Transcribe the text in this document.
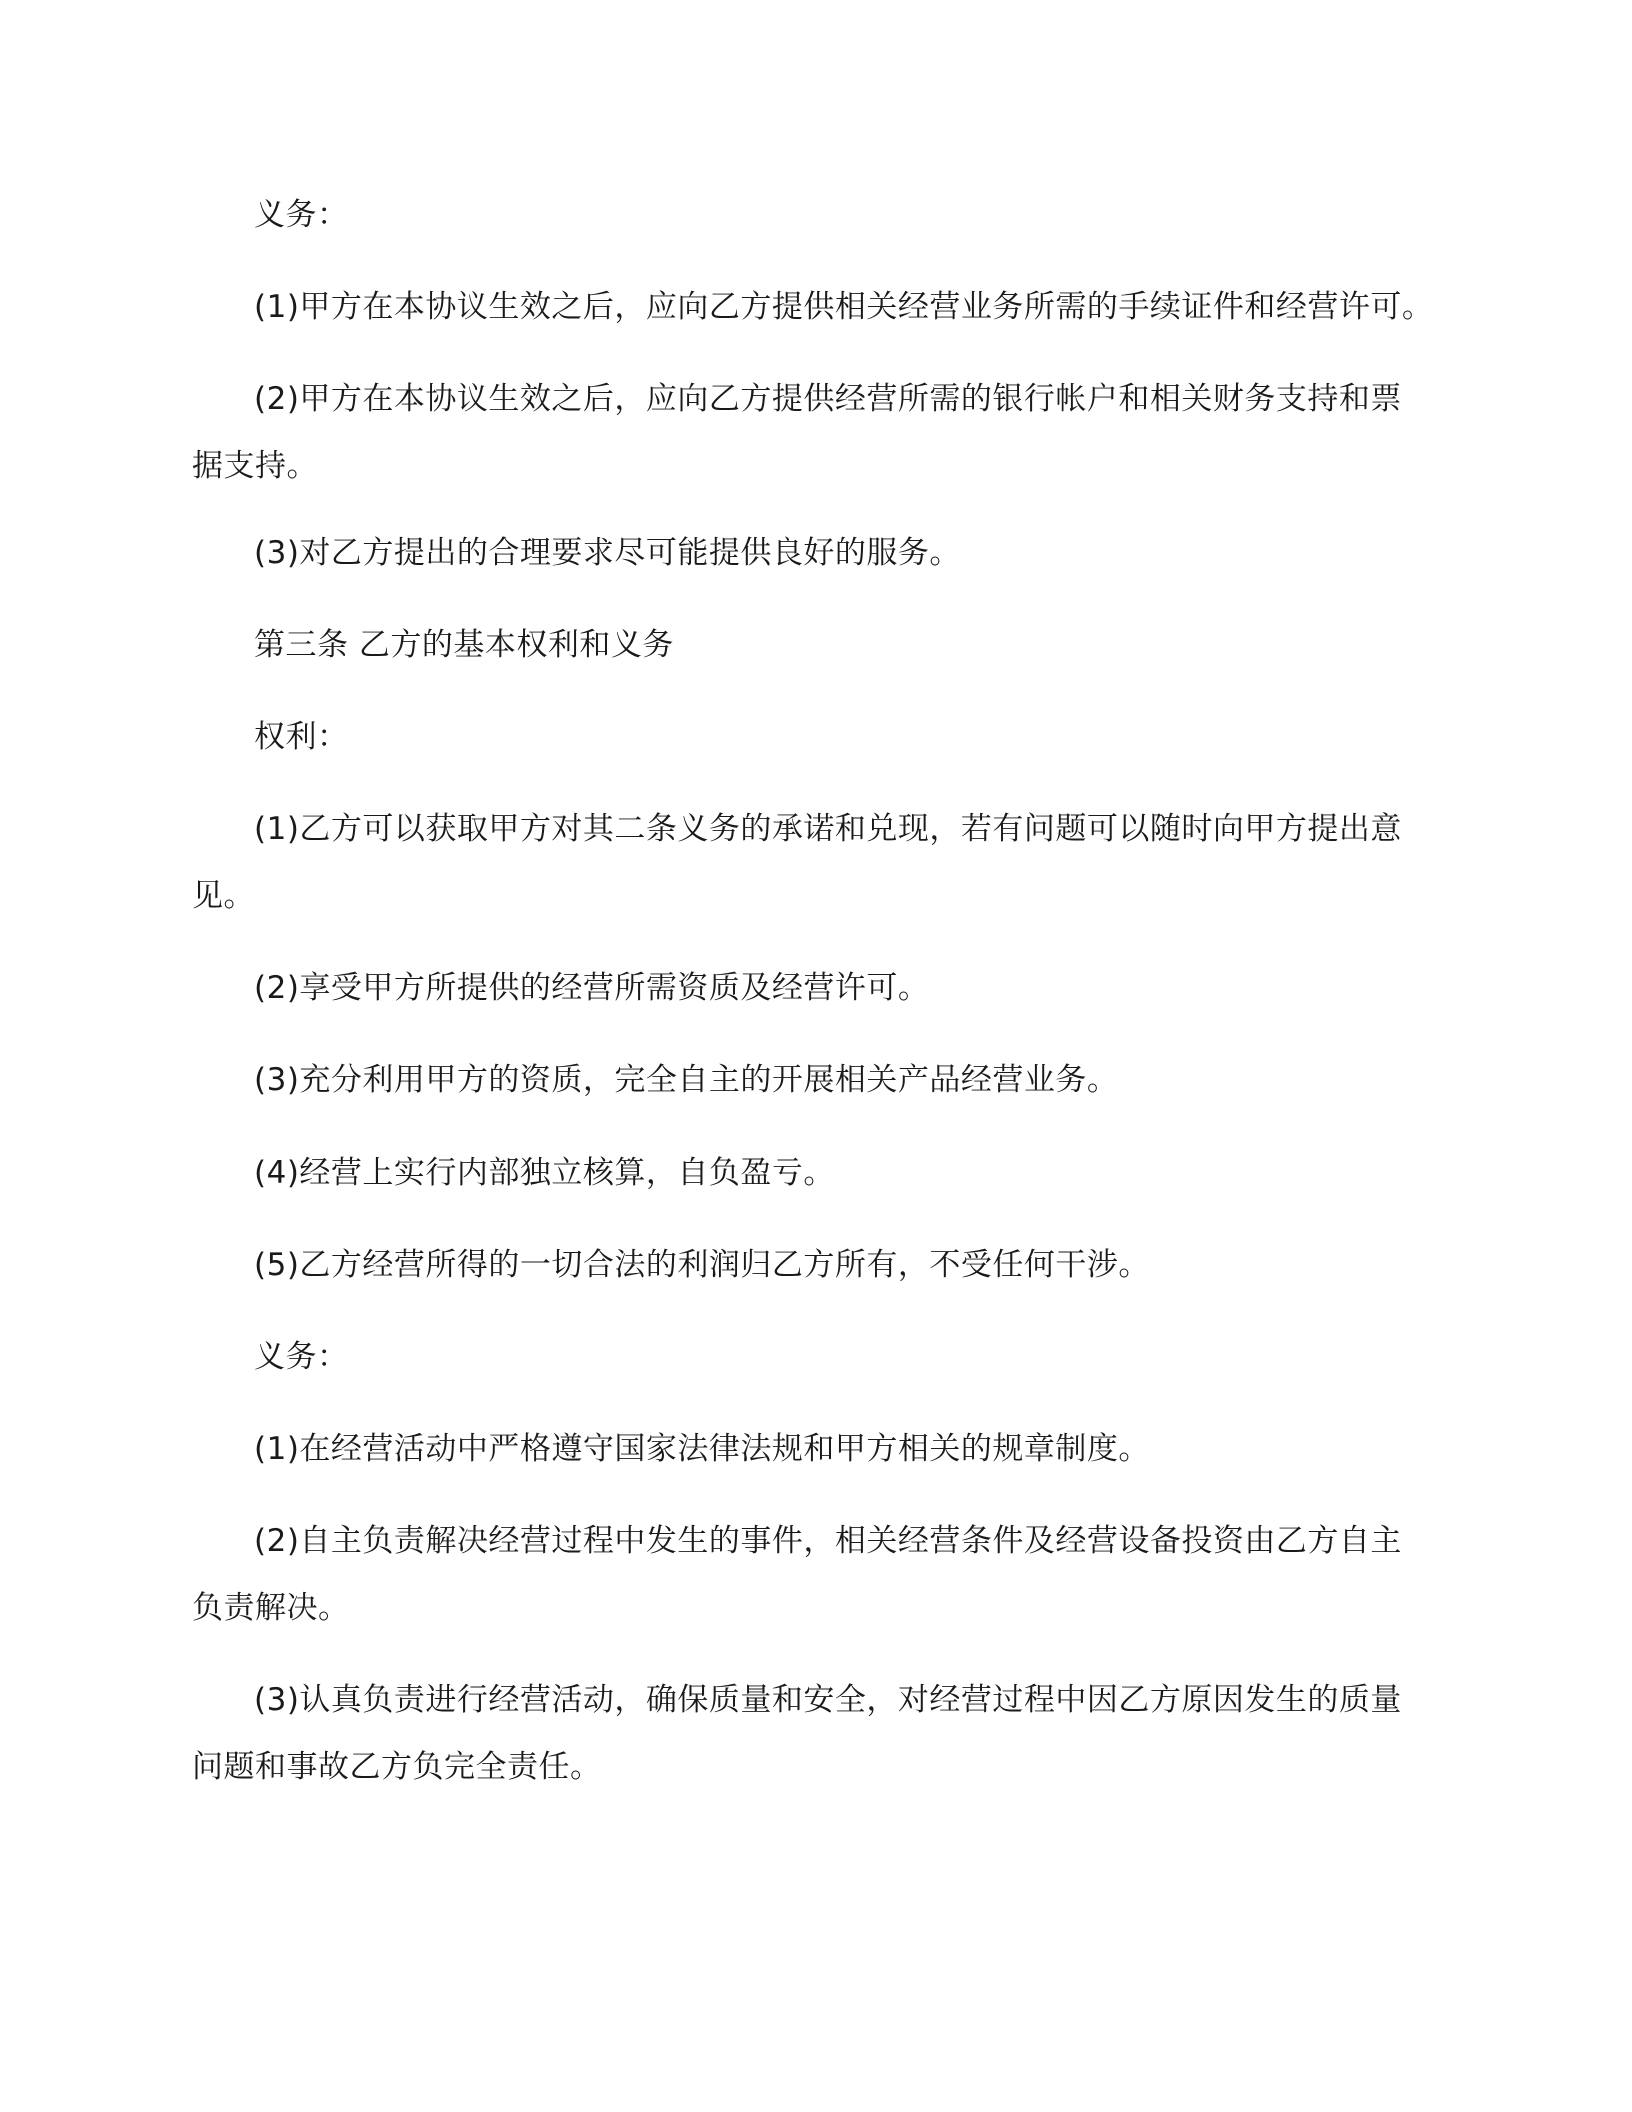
义务：

(1)甲方在本协议生效之后，应向乙方提供相关经营业务所需的手续证件和经营许可。

(2)甲方在本协议生效之后，应向乙方提供经营所需的银行帐户和相关财务支持和票
据支持。

(3)对乙方提出的合理要求尽可能提供良好的服务。

第三条 乙方的基本权利和义务

权利：

(1)乙方可以获取甲方对其二条义务的承诺和兑现，若有问题可以随时向甲方提出意
见。

(2)享受甲方所提供的经营所需资质及经营许可。

(3)充分利用甲方的资质，完全自主的开展相关产品经营业务。

(4)经营上实行内部独立核算，自负盈亏。

(5)乙方经营所得的一切合法的利润归乙方所有，不受任何干涉。

义务：

(1)在经营活动中严格遵守国家法律法规和甲方相关的规章制度。

(2)自主负责解决经营过程中发生的事件，相关经营条件及经营设备投资由乙方自主
负责解决。

(3)认真负责进行经营活动，确保质量和安全，对经营过程中因乙方原因发生的质量
问题和事故乙方负完全责任。
